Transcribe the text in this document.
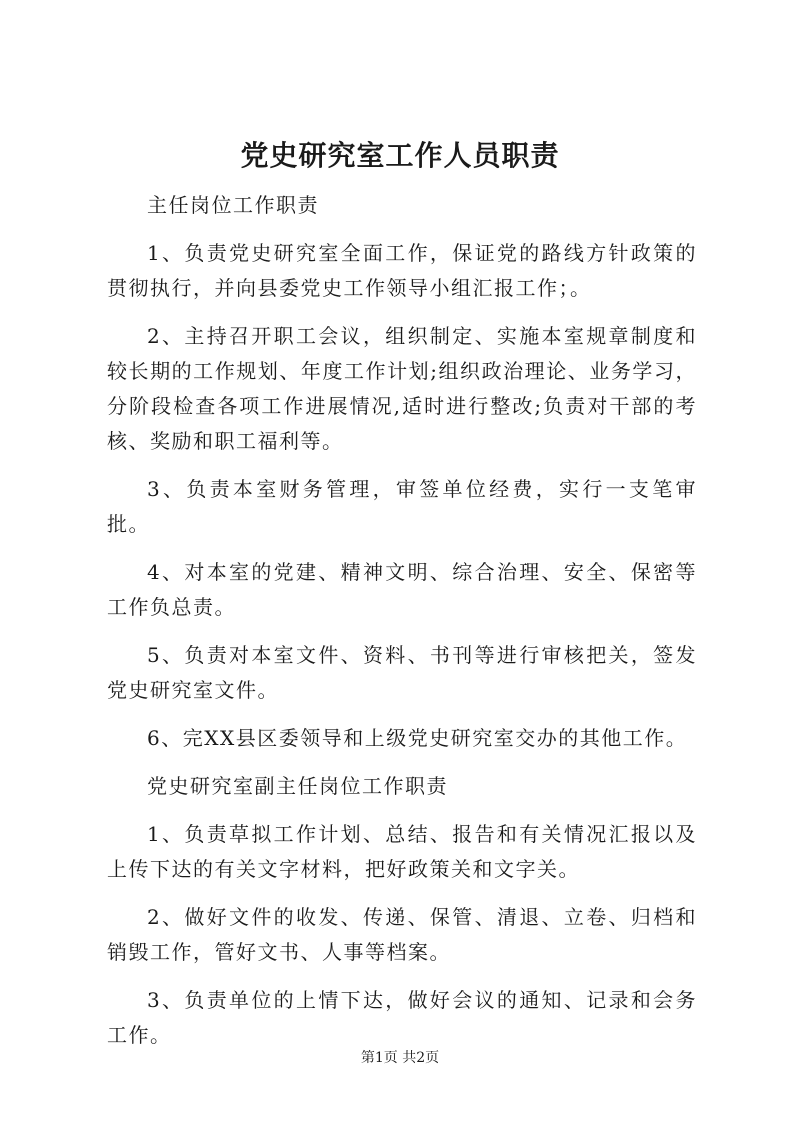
党史研究室工作人员职责

主任岗位工作职责

1、负责党史研究室全面工作，保证党的路线方针政策的贯彻执行，并向县委党史工作领导小组汇报工作；。

2、主持召开职工会议，组织制定、实施本室规章制度和较长期的工作规划、年度工作计划;组织政治理论、业务学习，分阶段检查各项工作进展情况,适时进行整改;负责对干部的考核、奖励和职工福利等。

3、负责本室财务管理，审签单位经费，实行一支笔审批。

4、对本室的党建、精神文明、综合治理、安全、保密等工作负总责。

5、负责对本室文件、资料、书刊等进行审核把关，签发党史研究室文件。

6、完XX县区委领导和上级党史研究室交办的其他工作。

党史研究室副主任岗位工作职责

1、负责草拟工作计划、总结、报告和有关情况汇报以及上传下达的有关文字材料，把好政策关和文字关。

2、做好文件的收发、传递、保管、清退、立卷、归档和销毁工作，管好文书、人事等档案。

3、负责单位的上情下达，做好会议的通知、记录和会务工作。

第1页 共2页
